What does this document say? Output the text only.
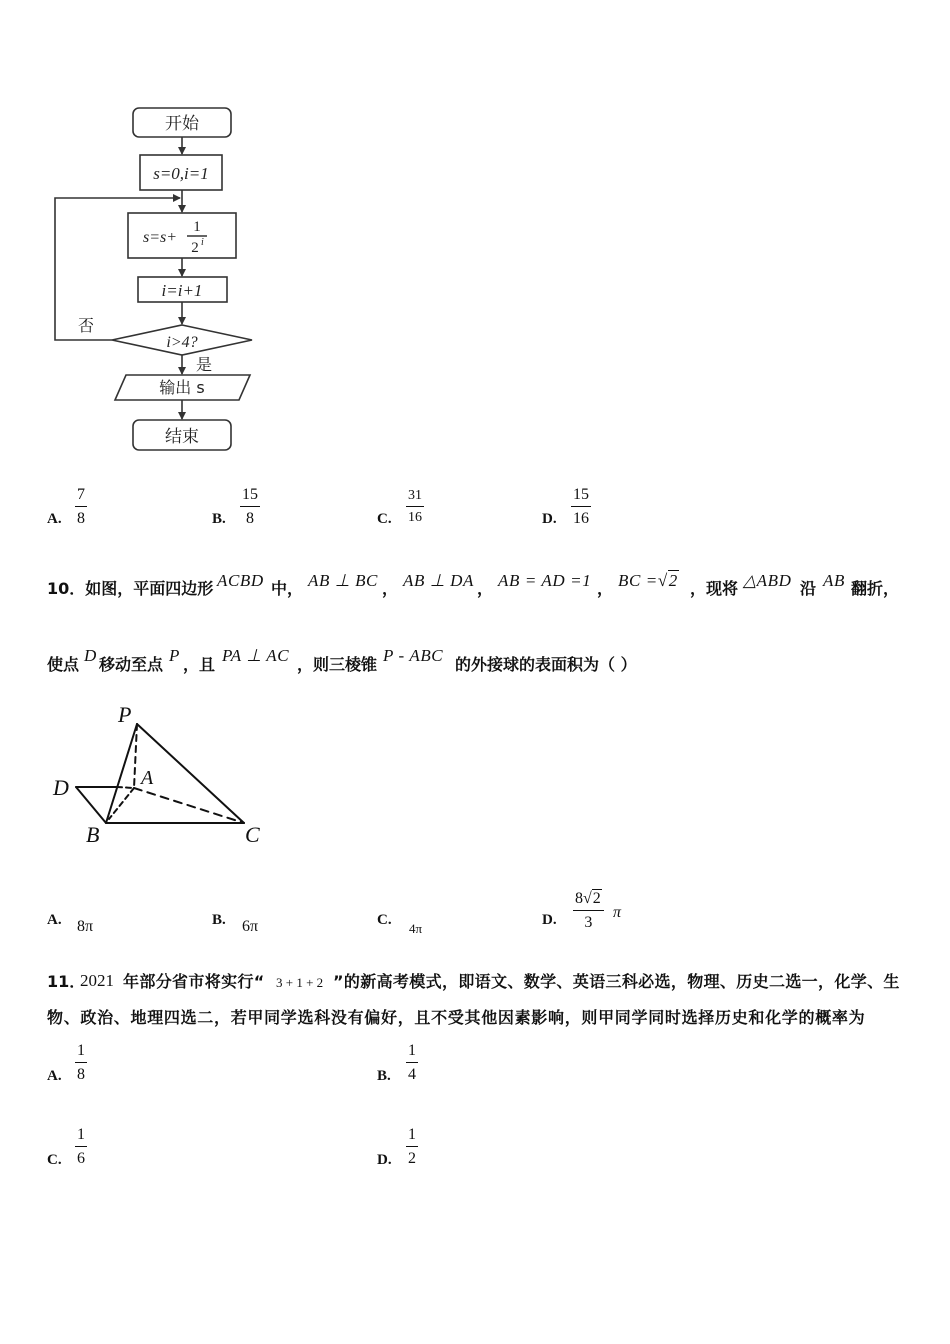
开始
s=0,i=1
s=s+
1
2 i
i=i+1
i>4?
否
是
输出 s
结束
A.
7
8	B.
15
8	C.
31
16	D.
15
16
10．如图，平面四边形 ACBD 中， AB ⊥ BC ， AB ⊥ DA ， AB = AD =1 ， BC =√2 ，现将 △ABD 沿 AB 翻折，
使点 D 移动至点 P ，且 PA ⊥ AC ，则三棱锥 P - ABC 的外接球的表面积为（ ）
P
A
D
B	C
A. 8π	B. 6π	C.
4π
D.
8√2
3
π
11．
2021 年部分省市将实行“ 3 + 1 + 2 ”的新高考模式，即语文、数学、英语三科必选，物理、历史二选一，化学、生
物、政治、地理四选二，若甲同学选科没有偏好，且不受其他因素影响，则甲同学同时选择历史和化学的概率为
A.
1
8	B.
1
4
C.
1
6	D.
1
2
